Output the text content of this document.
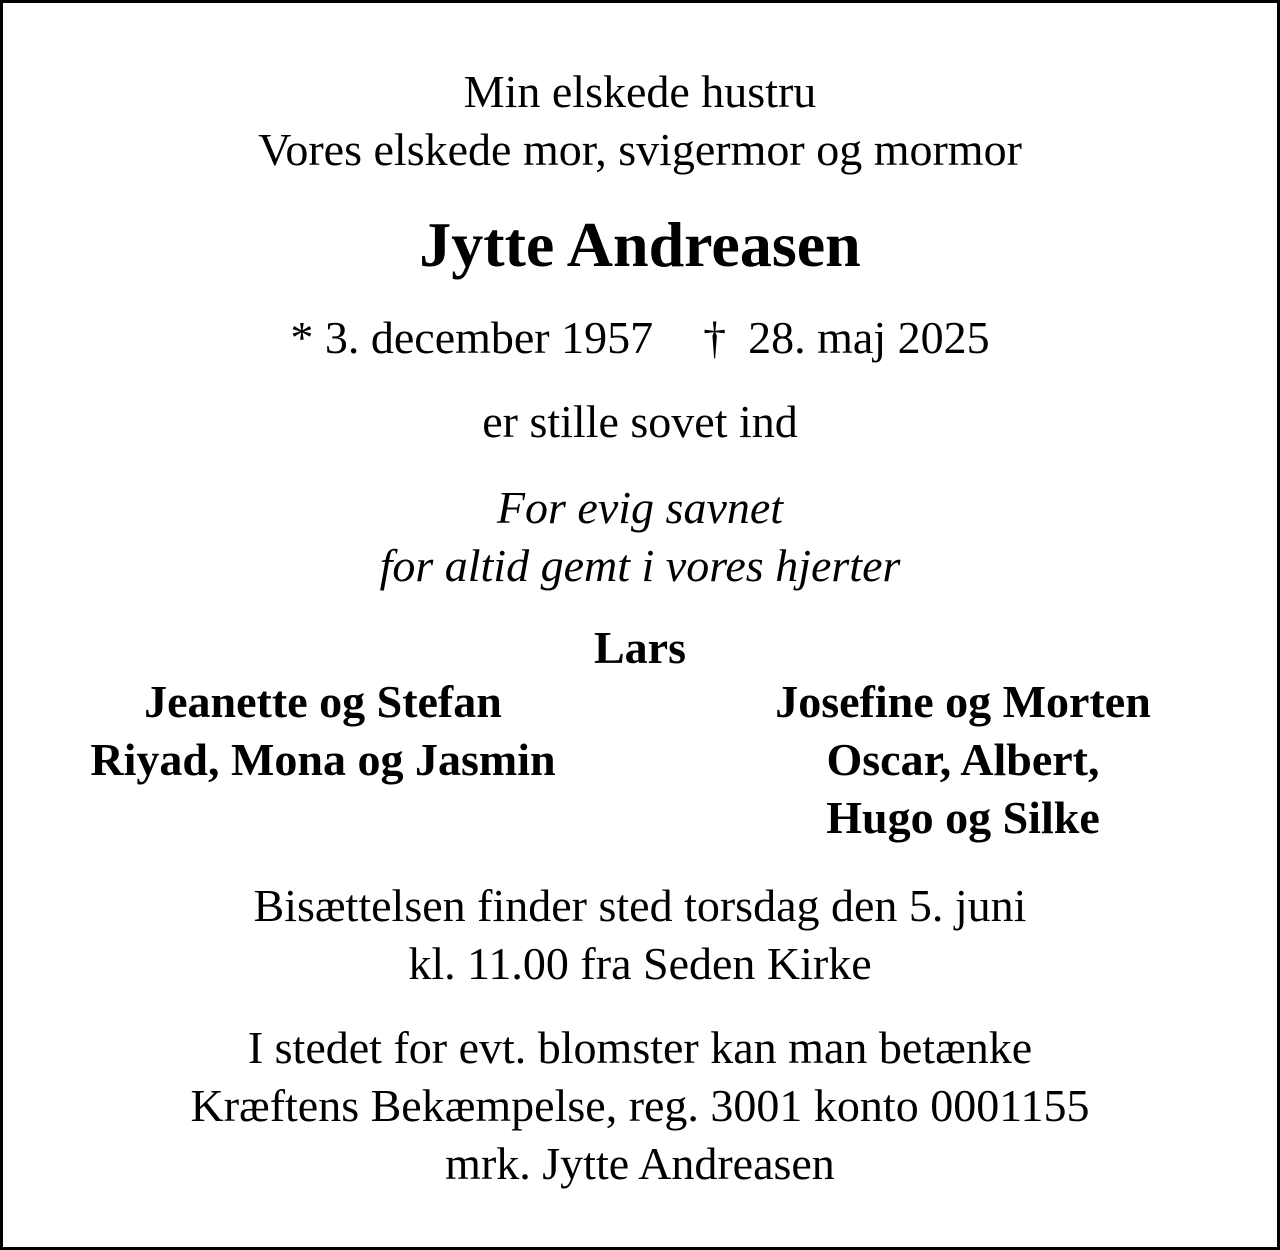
Min elskede hustru
Vores elskede mor, svigermor og mormor
Jytte Andreasen
* 3. december 1957 † 28. maj 2025
er stille sovet ind
For evig savnet
for altid gemt i vores hjerter
Lars
Jeanette og Stefan
Riyad, Mona og Jasmin
Josefine og Morten
Oscar, Albert,
Hugo og Silke
Bisættelsen finder sted torsdag den 5. juni
kl. 11.00 fra Seden Kirke
I stedet for evt. blomster kan man betænke
Kræftens Bekæmpelse, reg. 3001 konto 0001155
mrk. Jytte Andreasen
